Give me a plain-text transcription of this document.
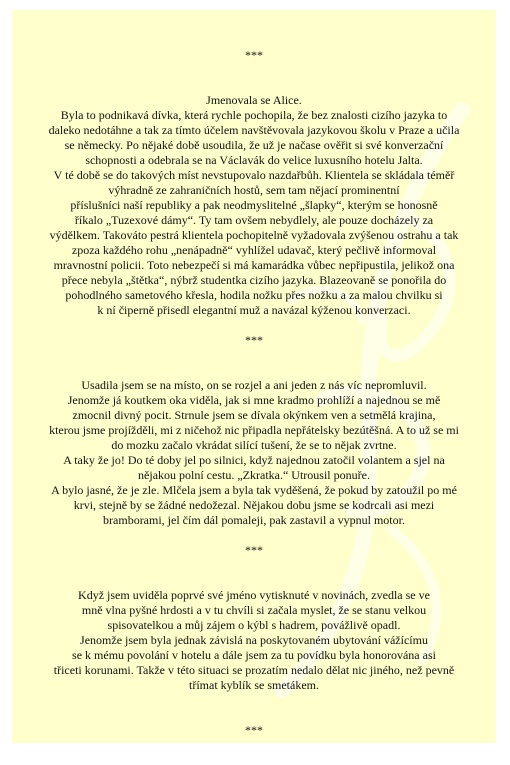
***

Jmenovala se Alice.

Byla to podnikavá dívka, která rychle pochopila, že bez znalosti cizího jazyka to

daleko nedotáhne a tak za tímto účelem navštěvovala jazykovou školu v Praze a učila

se německy. Po nějaké době usoudila, že už je načase ověřit si své konverzační

schopnosti a odebrala se na Václavák do velice luxusního hotelu Jalta.

V té době se do takových míst nevstupovalo nazdařbůh. Klientela se skládala téměř

výhradně ze zahraničních hostů, sem tam nějací prominentní

příslušníci naší republiky a pak neodmyslitelné „šlapky“, kterým se honosně

říkalo „Tuzexové dámy“. Ty tam ovšem nebydlely, ale pouze docházely za

výdělkem. Takováto pestrá klientela pochopitelně vyžadovala zvýšenou ostrahu a tak

zpoza každého rohu „nenápadně“ vyhlížel udavač, který pečlivě informoval

mravnostní policii. Toto nebezpečí si má kamarádka vůbec nepřipustila, jelikož ona

přece nebyla „štětka“, nýbrž studentka cizího jazyka. Blazeovaně se ponořila do

pohodlného sametového křesla, hodila nožku přes nožku a za malou chvilku si

k ní čiperně přisedl elegantní muž a navázal kýženou konverzaci.

***

Usadila jsem se na místo, on se rozjel a ani jeden z nás víc nepromluvil.

Jenomže já koutkem oka viděla, jak si mne kradmo prohlíží a najednou se mě

zmocnil divný pocit. Strnule jsem se dívala okýnkem ven a setmělá krajina,

kterou jsme projížděli, mi z ničehož nic připadla nepřátelsky bezútěšná. A to už se mi

do mozku začalo vkrádat silící tušení, že se to nějak zvrtne.

A taky že jo! Do té doby jel po silnici, když najednou zatočil volantem a sjel na

nějakou polní cestu. „Zkratka.“ Utrousil ponuře.

A bylo jasné, že je zle. Mlčela jsem a byla tak vyděšená, že pokud by zatoužil po mé

krvi, stejně by se žádné nedožezal. Nějakou dobu jsme se kodrcali asi mezi

bramborami, jel čím dál pomaleji, pak zastavil a vypnul motor.

***

Když jsem uviděla poprvé své jméno vytisknuté v novinách, zvedla se ve

mně vlna pyšné hrdosti a v tu chvíli si začala myslet, že se stanu velkou

spisovatelkou a můj zájem o kýbl s hadrem, povážlivě opadl.

Jenomže jsem byla jednak závislá na poskytovaném ubytování vážícímu

se k mému povolání v hotelu a dále jsem za tu povídku byla honorována asi

třiceti korunami. Takže v této situaci se prozatím nedalo dělat nic jiného, než pevně

třímat kyblík se smetákem.

***
